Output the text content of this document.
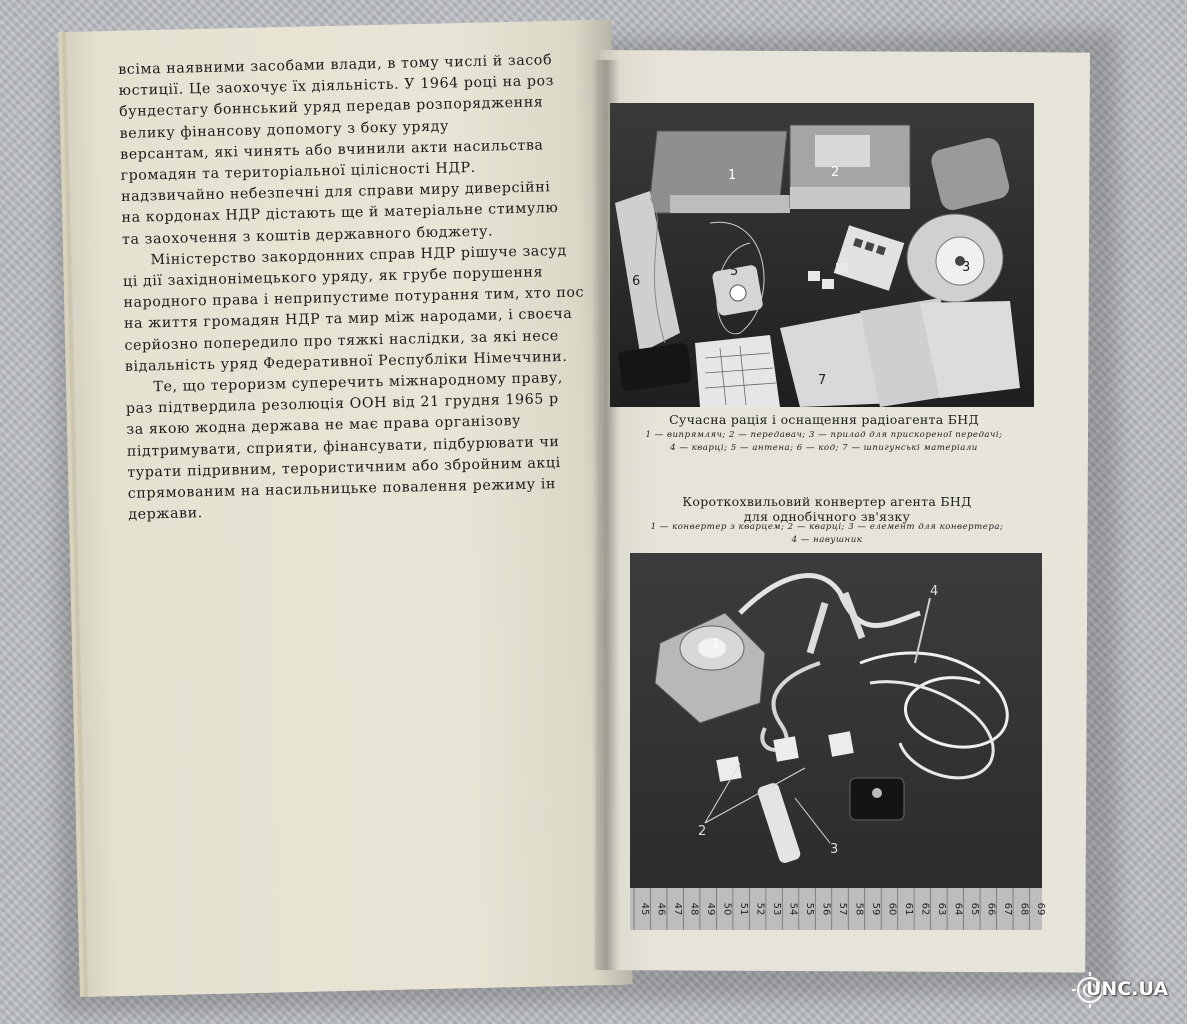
всіма наявними засобами влади, в тому числі й засоб
юстиції. Це заохочує їх діяльність. У 1964 році на роз
бундестагу боннський уряд передав розпорядження
велику фінансову допомогу з боку уряду
версантам, які чинять або вчинили акти насильства
громадян та територіальної цілісності НДР.
надзвичайно небезпечні для справи миру диверсійні
на кордонах НДР дістають ще й матеріальне стимулю
та заохочення з коштів державного бюджету.
Міністерство закордонних справ НДР рішуче засуд
ці дії західнонімецького уряду, як грубе порушення
народного права і неприпустиме потурання тим, хто пос
на життя громадян НДР та мир між народами, і своєча
серйозно попередило про тяжкі наслідки, за які несе
відальність уряд Федеративної Республіки Німеччини.
Те, що тероризм суперечить міжнародному праву,
раз підтвердила резолюція ООН від 21 грудня 1965 р
за якою жодна держава не має права організову
підтримувати, сприяти, фінансувати, підбурювати чи
турати підривним, терористичним або збройним акці
спрямованим на насильницьке повалення режиму ін
держави.
1	2
3
5
6
7
Сучасна рація і оснащення радіоагента БНД
1 — випрямляч; 2 — передавач; 3 — прилад для прискореної передачі;
4 — кварці; 5 — антена; 6 — код; 7 — шпигунські матеріали
Короткохвильовий конвертер агента БНД
для однобічного зв'язку
1 — конвертер з кварцем; 2 — кварці; 3 — елемент для конвертера;
4 — навушник
45 46 47 48 49 50 51 52 53 54 55 56 57 58 59 60 61 62 63 64 65 66 67 68 69
1
2
3
4
UNC.UA
